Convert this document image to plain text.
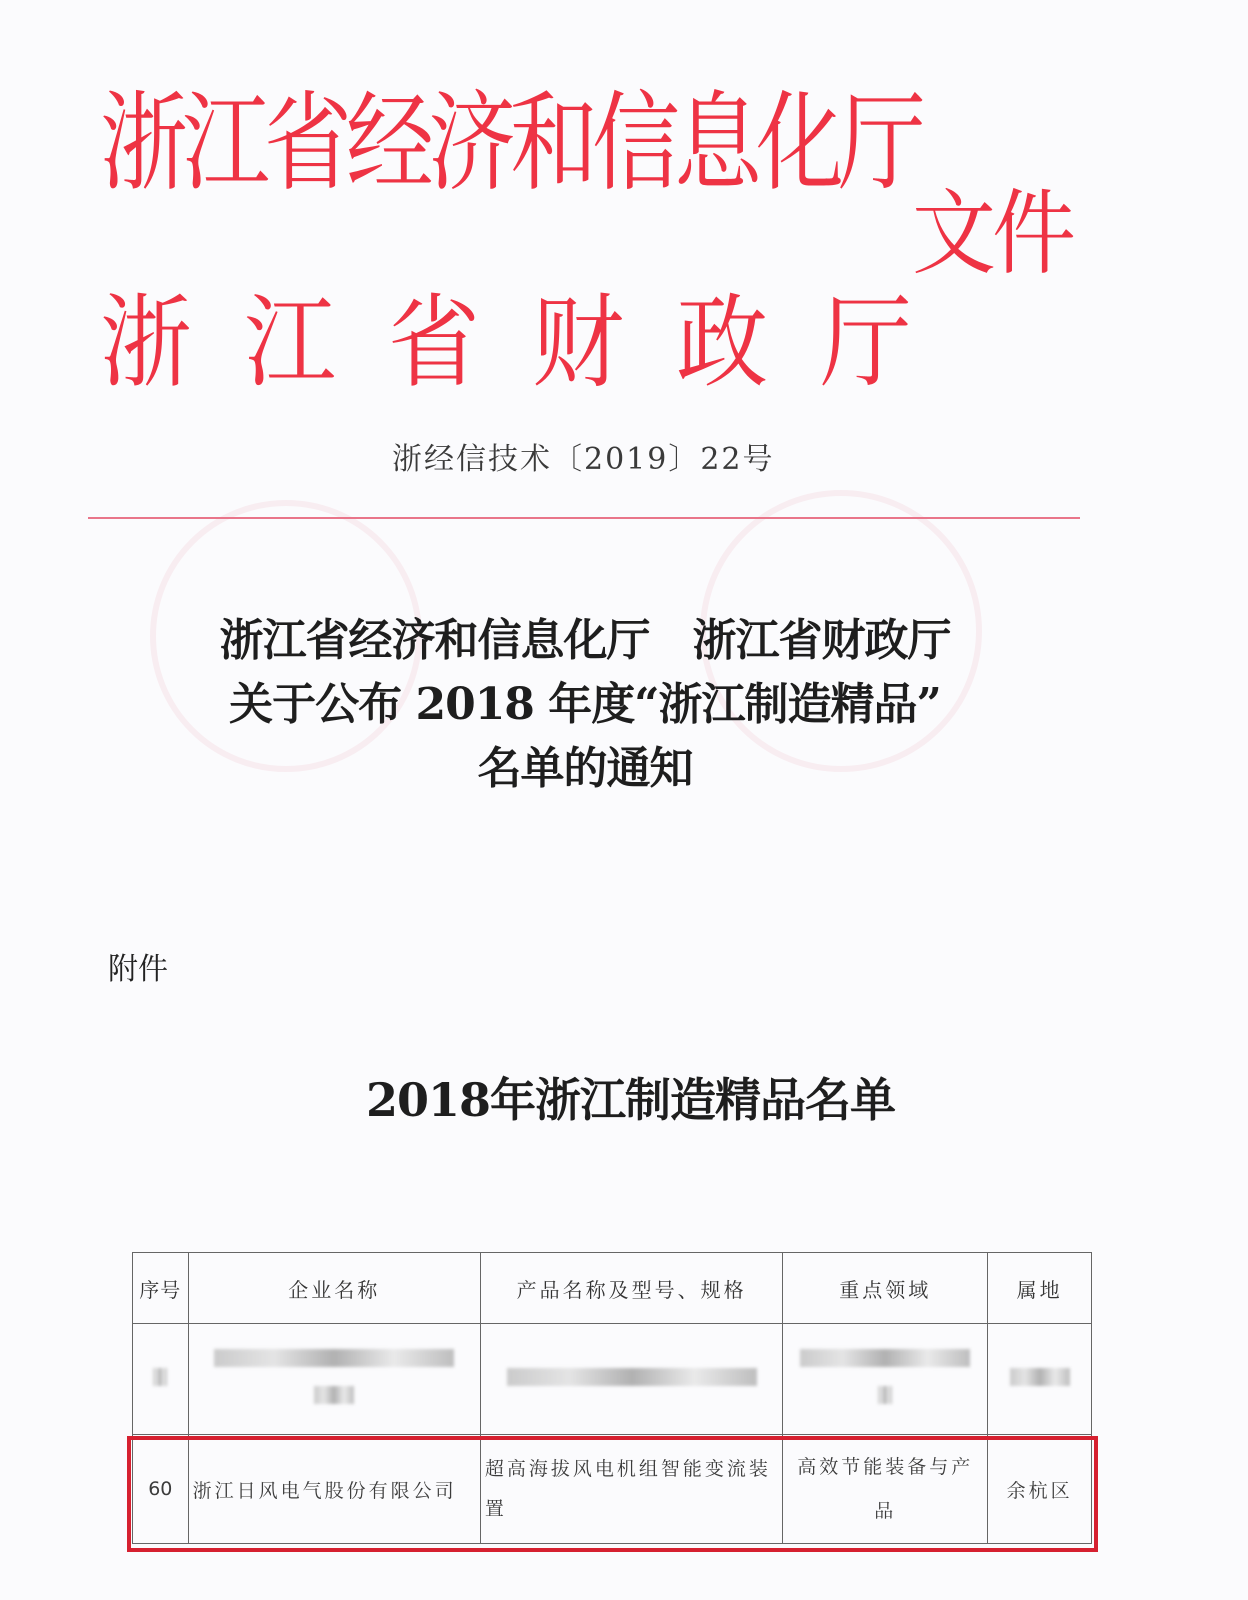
浙江省经济和信息化厅
文件
浙江省财政厅
浙经信技术〔2019〕22号
浙江省经济和信息化厅　浙江省财政厅
关于公布 2018 年度“浙江制造精品”
名单的通知
附件
2018年浙江制造精品名单
序号	企业名称	产品名称及型号、规格	重点领域	属地

60	浙江日风电气股份有限公司	超高海拔风电机组智能变流装置	高效节能装备与产品	余杭区
